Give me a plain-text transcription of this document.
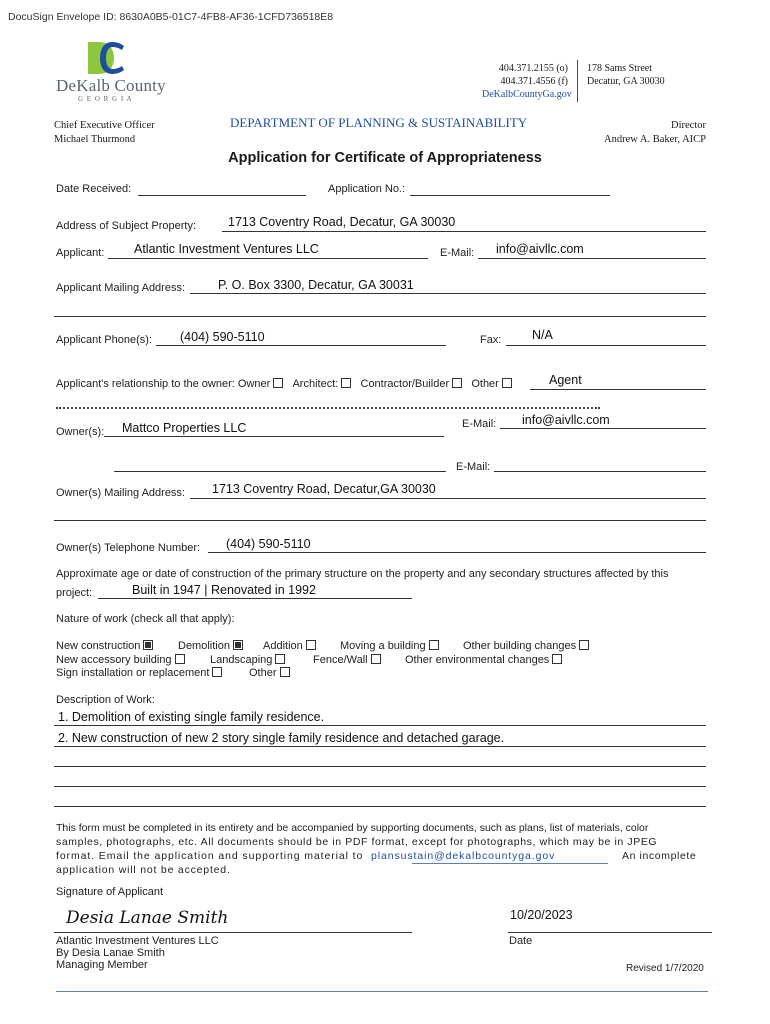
DocuSign Envelope ID: 8630A0B5-01C7-4FB8-AF36-1CFD736518E8
DeKalb County
G E O R G I A
404.371.2155 (o)
404.371.4556 (f)
DeKalbCountyGa.gov
178 Sams Street
Decatur, GA 30030
Chief Executive Officer
Michael Thurmond
DEPARTMENT OF PLANNING & SUSTAINABILITY	Director
Andrew A. Baker, AICP
Application for Certificate of Appropriateness
Date Received:	Application No.:
Address of Subject Property:	1713 Coventry Road, Decatur, GA 30030
Applicant: Atlantic Investment Ventures LLC	E-Mail: info@aivllc.com
Applicant Mailing Address:	P. O. Box 3300, Decatur, GA 30031
Applicant Phone(s): (404) 590-5110	Fax: N/A
Applicant's relationship to the owner: Owner Architect: Contractor/Builder Other	Agent
Owner(s): Mattco Properties LLC	E-Mail: info@aivllc.com
E-Mail:
Owner(s) Mailing Address: 1713 Coventry Road, Decatur,GA 30030
Owner(s) Telephone Number: (404) 590-5110
Approximate age or date of construction of the primary structure on the property and any secondary structures affected by this
project:	Built in 1947 | Renovated in 1992
Nature of work (check all that apply):
New construction	Demolition	Addition	Moving a building	Other building changes
New accessory building	Landscaping	Fence/Wall	Other environmental changes
Sign installation or replacement	Other
Description of Work:
1. Demolition of existing single family residence.
2. New construction of new 2 story single family residence and detached garage.
This form must be completed in its entirety and be accompanied by supporting documents, such as plans, list of materials, color
samples, photographs, etc. All documents should be in PDF format, except for photographs, which may be in JPEG
format. Email the application and supporting material to plansustain@dekalbcountyga.gov	An incomplete
application will not be accepted.
Signature of Applicant
Desia Lanae Smith
Atlantic Investment Ventures LLC
By Desia Lanae Smith
Managing Member
10/20/2023
Date
Revised 1/7/2020
